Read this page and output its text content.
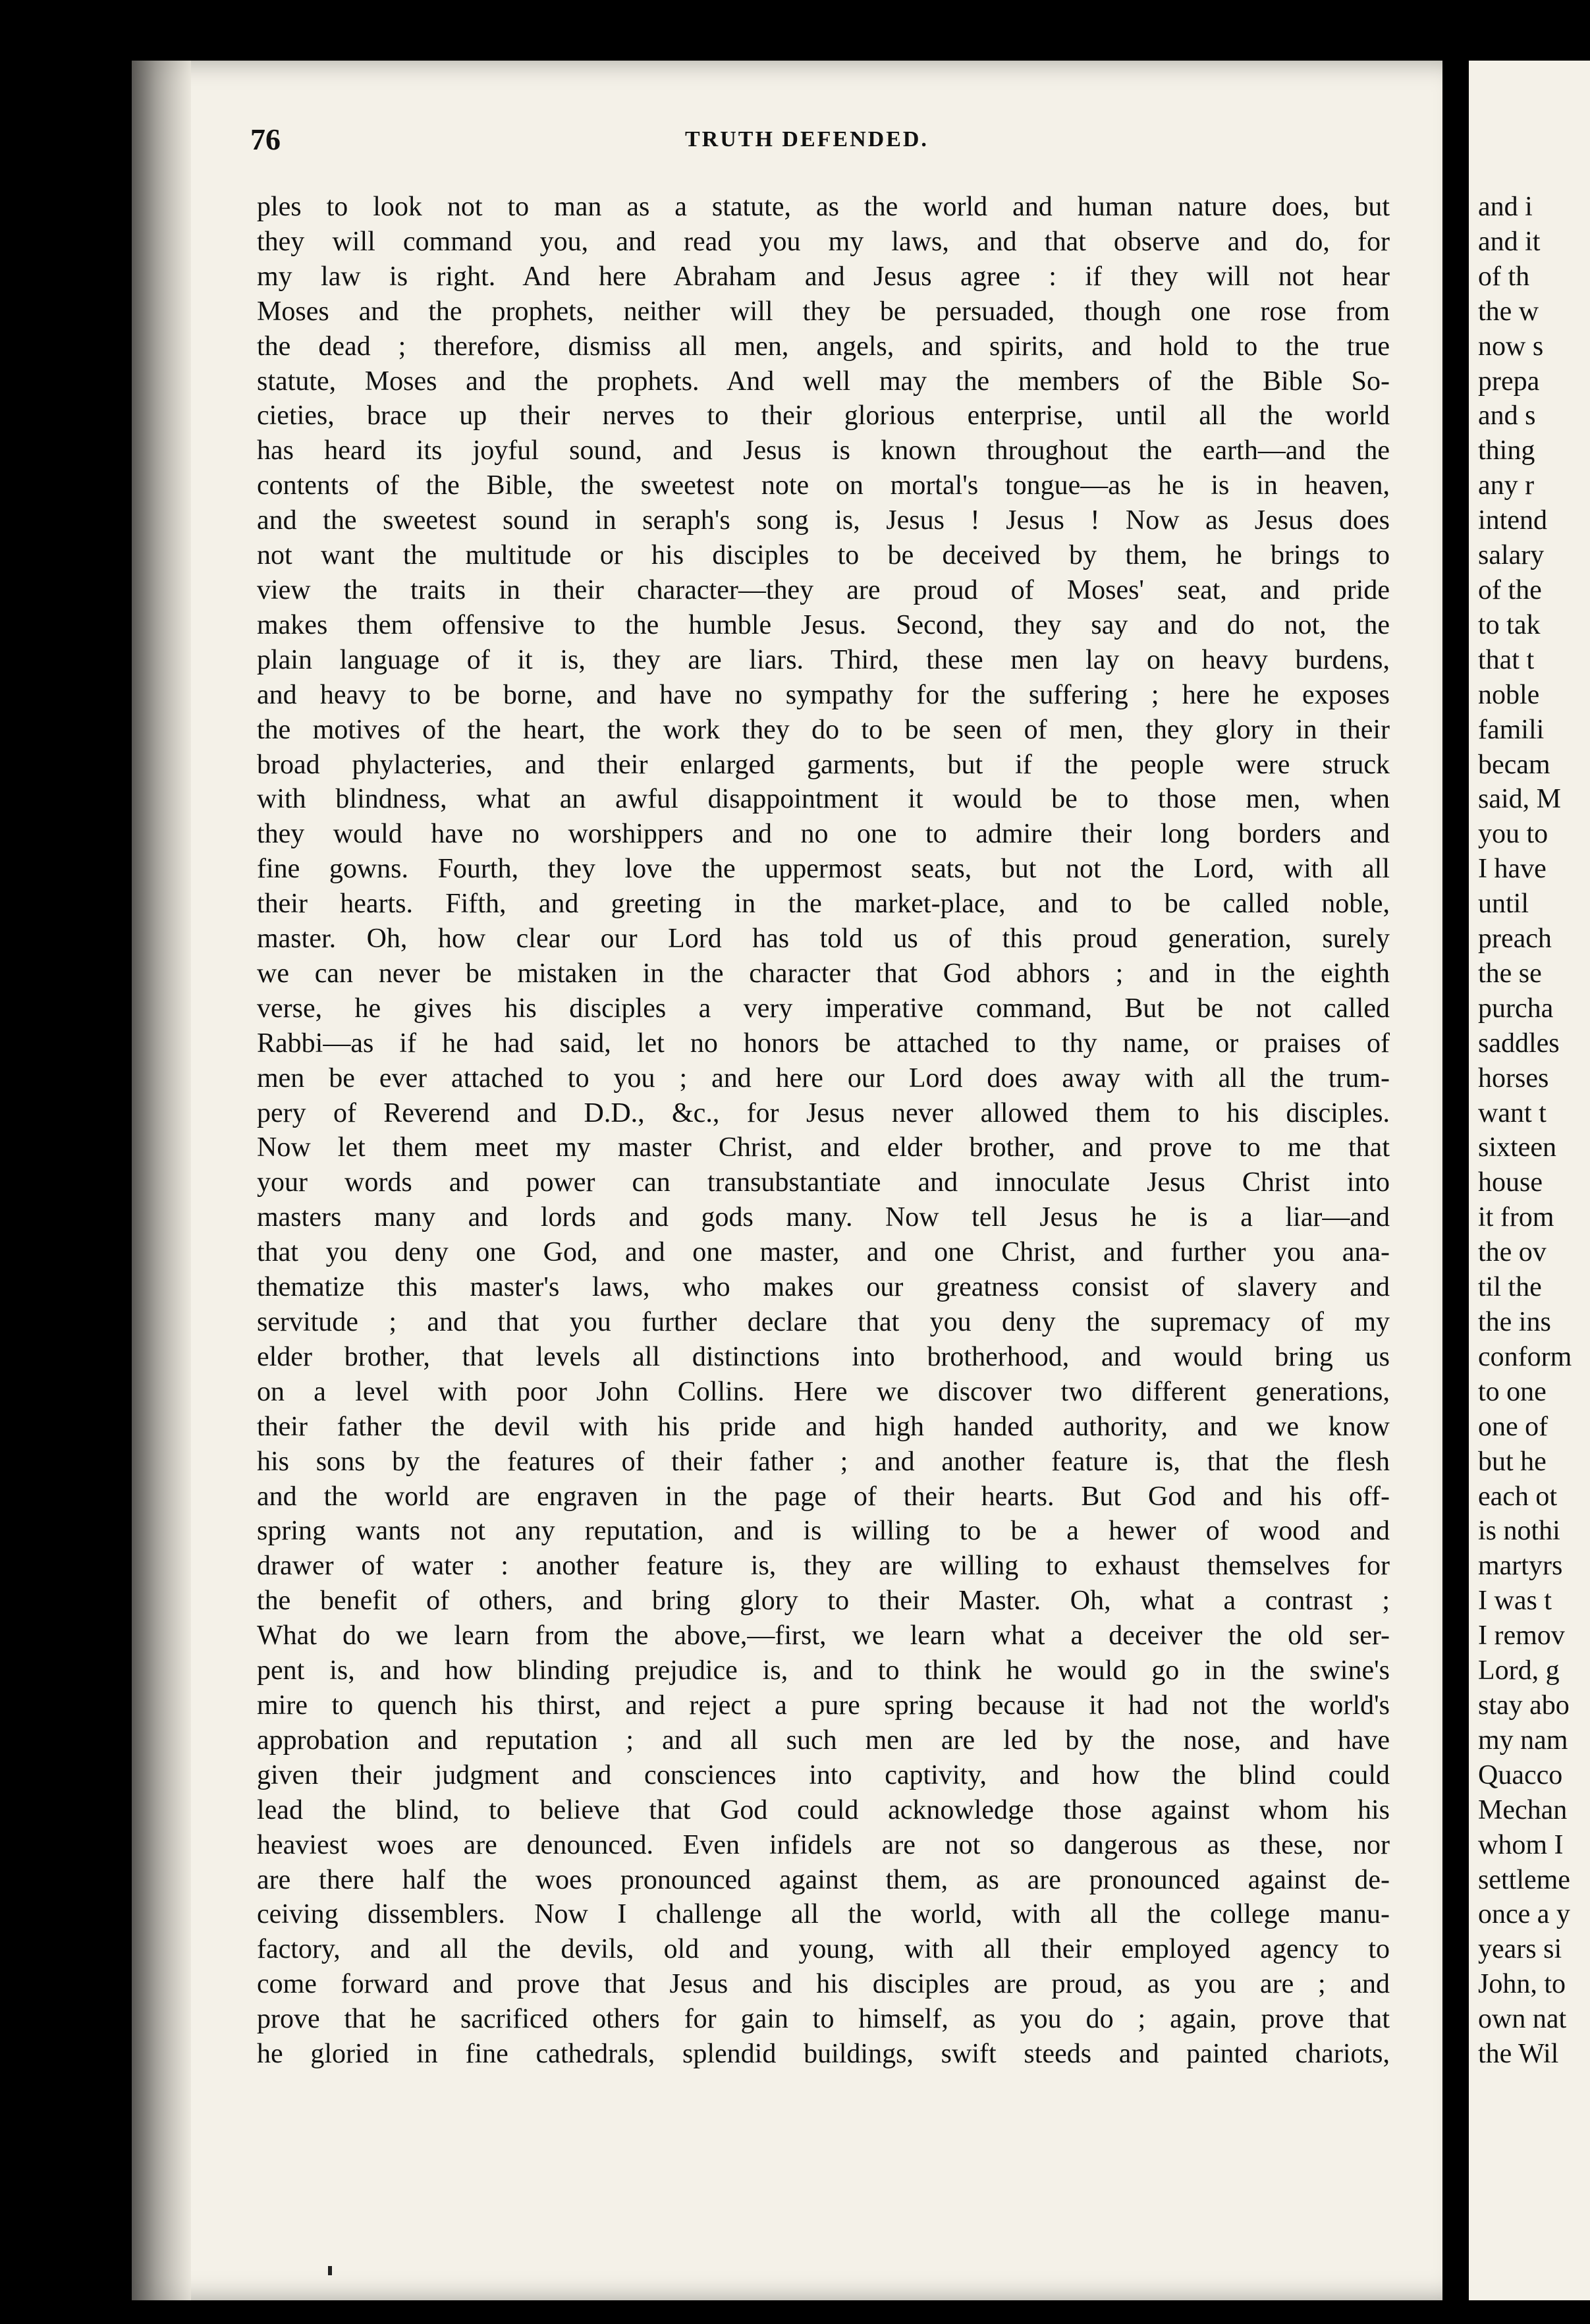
76	TRUTH DEFENDED.
ples to look not to man as a statute, as the world and human nature does, but
they will command you, and read you my laws, and that observe and do, for
my law is right. And here Abraham and Jesus agree : if they will not hear
Moses and the prophets, neither will they be persuaded, though one rose from
the dead ; therefore, dismiss all men, angels, and spirits, and hold to the true
statute, Moses and the prophets. And well may the members of the Bible So-
cieties, brace up their nerves to their glorious enterprise, until all the world
has heard its joyful sound, and Jesus is known throughout the earth—and the
contents of the Bible, the sweetest note on mortal's tongue—as he is in heaven,
and the sweetest sound in seraph's song is, Jesus ! Jesus ! Now as Jesus does
not want the multitude or his disciples to be deceived by them, he brings to
view the traits in their character—they are proud of Moses' seat, and pride
makes them offensive to the humble Jesus. Second, they say and do not, the
plain language of it is, they are liars. Third, these men lay on heavy burdens,
and heavy to be borne, and have no sympathy for the suffering ; here he exposes
the motives of the heart, the work they do to be seen of men, they glory in their
broad phylacteries, and their enlarged garments, but if the people were struck
with blindness, what an awful disappointment it would be to those men, when
they would have no worshippers and no one to admire their long borders and
fine gowns. Fourth, they love the uppermost seats, but not the Lord, with all
their hearts. Fifth, and greeting in the market-place, and to be called noble,
master. Oh, how clear our Lord has told us of this proud generation, surely
we can never be mistaken in the character that God abhors ; and in the eighth
verse, he gives his disciples a very imperative command, But be not called
Rabbi—as if he had said, let no honors be attached to thy name, or praises of
men be ever attached to you ; and here our Lord does away with all the trum-
pery of Reverend and D.D., &c., for Jesus never allowed them to his disciples.
Now let them meet my master Christ, and elder brother, and prove to me that
your words and power can transubstantiate and innoculate Jesus Christ into
masters many and lords and gods many. Now tell Jesus he is a liar—and
that you deny one God, and one master, and one Christ, and further you ana-
thematize this master's laws, who makes our greatness consist of slavery and
servitude ; and that you further declare that you deny the supremacy of my
elder brother, that levels all distinctions into brotherhood, and would bring us
on a level with poor John Collins. Here we discover two different generations,
their father the devil with his pride and high handed authority, and we know
his sons by the features of their father ; and another feature is, that the flesh
and the world are engraven in the page of their hearts. But God and his off-
spring wants not any reputation, and is willing to be a hewer of wood and
drawer of water : another feature is, they are willing to exhaust themselves for
the benefit of others, and bring glory to their Master. Oh, what a contrast ;
What do we learn from the above,—first, we learn what a deceiver the old ser-
pent is, and how blinding prejudice is, and to think he would go in the swine's
mire to quench his thirst, and reject a pure spring because it had not the world's
approbation and reputation ; and all such men are led by the nose, and have
given their judgment and consciences into captivity, and how the blind could
lead the blind, to believe that God could acknowledge those against whom his
heaviest woes are denounced. Even infidels are not so dangerous as these, nor
are there half the woes pronounced against them, as are pronounced against de-
ceiving dissemblers. Now I challenge all the world, with all the college manu-
factory, and all the devils, old and young, with all their employed agency to
come forward and prove that Jesus and his disciples are proud, as you are ; and
prove that he sacrificed others for gain to himself, as you do ; again, prove that
he gloried in fine cathedrals, splendid buildings, swift steeds and painted chariots,
and i
and it
of th
the w
now s
prepa
and s
thing
any r
intend
salary
of the
to tak
that t
noble
famili
becam
said, M
you to
I have
until
preach
the se
purcha
saddles
horses
want t
sixteen
house
it from
the ov
til the
the ins
conform
to one
one of
but he
each ot
is nothi
martyrs
I was t
I remov
Lord, g
stay abo
my nam
Quacco
Mechan
whom I
settleme
once a y
years si
John, to
own nat
the Wil
